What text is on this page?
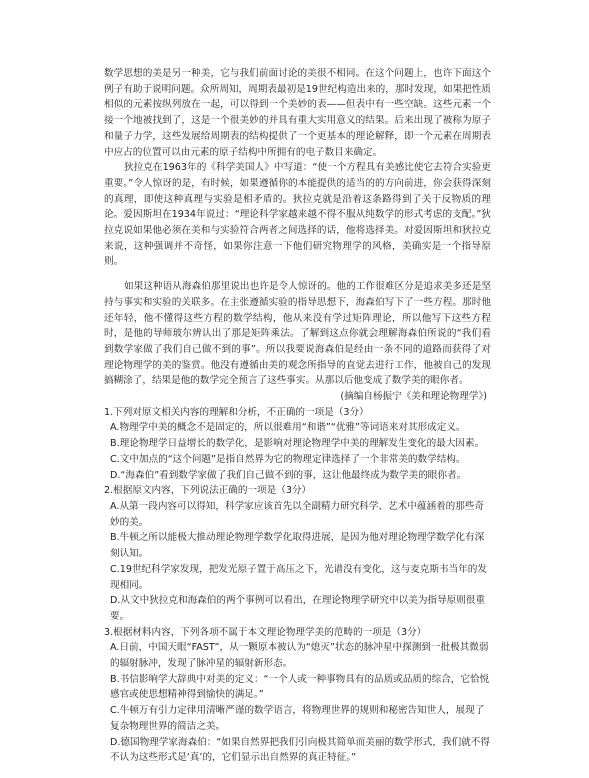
数学思想的美是另一种美，它与我们前面讨论的美很不相同。在这个问题上，也许下面这个例子有助于说明问题。众所周知，周期表最初是19世纪构造出来的，那时发现，如果把性质相似的元素按纵列放在一起，可以得到一个美妙的表——但表中有一些空缺。这些元素一个接一个地被找到了，这是一个很美妙的并具有重大实用意义的结果。后来出现了被称为原子和量子力学，这些发展给周期表的结构提供了一个更基本的理论解释，即一个元素在周期表中应占的位置可以由元素的原子结构中所拥有的电子数目来确定。

狄拉克在1963年的《科学美国人》中写道：“使一个方程具有美感比使它去符合实验更重要。”令人惊讶的是，有时候，如果遵循你的本能提供的适当的的方向前进，你会获得深刻的真理，即使这种真理与实验是相矛盾的。狄拉克就是沿着这条路得到了关于反物质的理论。爱因斯坦在1934年说过：“理论科学家越来越不得不服从纯数学的形式考虑的支配。”狄拉克说如果他必须在美和与实验符合两者之间选择的话，他将选择美。对爱因斯坦和狄拉克来说，这种强调并不奇怪，如果你注意一下他们研究物理学的风格，美确实是一个指导原则。

如果这种语从海森伯那里说出也许是令人惊讶的。他的工作很难区分是追求美多还是坚持与事实和实验的关联多。在主张遵循实验的指导思想下，海森伯写下了一些方程。那时他还年轻，他不懂得这些方程的数学结构，他从来没有学过矩阵理论，所以他写下这些方程时，是他的导师玻尔辨认出了那是矩阵乘法。了解到这点你就会理解海森伯所说的“我们看到数学家做了我们自己做不到的事”。所以我要说海森伯是经由一条不同的道路而获得了对理论物理学的美的鉴赏。他没有遵循由美的观念所指导的直觉去进行工作，他被自己的发现搞糊涂了，结果是他的数学完全预言了这些事实。从那以后他变成了数学美的眼你者。

(摘编自杨振宁《美和理论物理学》)

1.下列对原文相关内容的理解和分析，不正确的一项是（3分）

A.物理学中美的概念不是固定的，所以很难用“和谐”“优雅”等词语来对其形成定义。

B.理论物理学日益增长的数学化，是影响对理论物理学中美的理解发生变化的最大因素。

C.文中加点的“这个问题”是指自然界为它的物理定律选择了一个非常美的数学结构。

D.“海森伯”看到数学家做了我们自己做不到的事，这让他最终成为数学美的眼你者。

2.根据原文内容，下列说法正确的一项是（3分）

A.从第一段内容可以得知，科学家应该首先以全副精力研究科学、艺术中蕴涵着的那些奇妙的美。

B.牛顿之所以能极大推动理论物理学数学化取得进展，是因为他对理论物理学数学化有深刻认知。

C.19世纪科学家发现，把发光原子置于高压之下，光谱没有变化，这与麦克斯韦当年的发现相同。

D.从文中狄拉克和海森伯的两个事例可以看出，在理论物理学研究中以美为指导原则很重要。

3.根据材料内容，下列各项不属于本文理论物理学美的范畴的一项是（3分）

A.日前，中国天眼“FAST”，从一颗原本被认为“熄灭”状态的脉冲星中探测到一批极其微弱的辐射脉冲，发现了脉冲星的辐射新形态。

B.书信影响学大辞典中对美的定义：“一个人或一种事物具有的品质或品质的综合，它恰悦感官或使思想精神得到愉快的满足。”

C.牛顿万有引力定律用清晰严谨的数学语言，将物理世界的规则和秘密告知世人，展现了复杂物理世界的简洁之美。

D.德国物理学家海森伯：“如果自然界把我们引向极其简单而美丽的数学形式，我们就不得不认为这些形式是‘真’的，它们显示出自然界的真正特征。”
